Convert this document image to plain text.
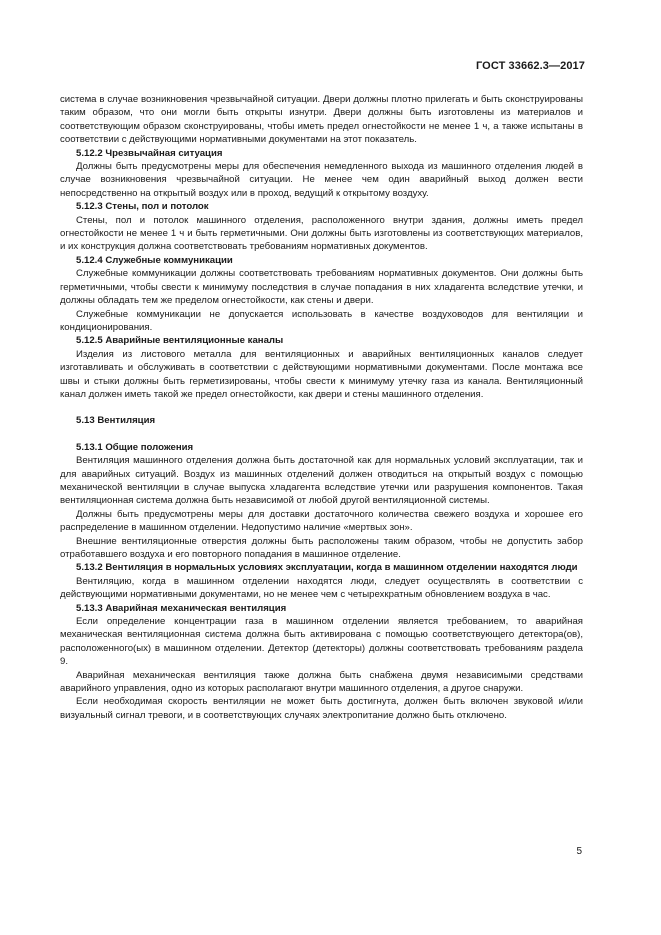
ГОСТ 33662.3—2017

система в случае возникновения чрезвычайной ситуации. Двери должны плотно прилегать и быть сконструированы таким образом, что они могли быть открыты изнутри. Двери должны быть изготовлены из материалов и соответствующим образом сконструированы, чтобы иметь предел огнестойкости не менее 1 ч, а также испытаны в соответствии с действующими нормативными документами на этот показатель.

5.12.2 Чрезвычайная ситуация

Должны быть предусмотрены меры для обеспечения немедленного выхода из машинного отделения людей в случае возникновения чрезвычайной ситуации. Не менее чем один аварийный выход должен вести непосредственно на открытый воздух или в проход, ведущий к открытому воздуху.

5.12.3 Стены, пол и потолок

Стены, пол и потолок машинного отделения, расположенного внутри здания, должны иметь предел огнестойкости не менее 1 ч и быть герметичными. Они должны быть изготовлены из соответствующих материалов, и их конструкция должна соответствовать требованиям нормативных документов.

5.12.4 Служебные коммуникации

Служебные коммуникации должны соответствовать требованиям нормативных документов. Они должны быть герметичными, чтобы свести к минимуму последствия в случае попадания в них хладагента вследствие утечки, и должны обладать тем же пределом огнестойкости, как стены и двери.

Служебные коммуникации не допускается использовать в качестве воздуховодов для вентиляции и кондиционирования.

5.12.5 Аварийные вентиляционные каналы

Изделия из листового металла для вентиляционных и аварийных вентиляционных каналов следует изготавливать и обслуживать в соответствии с действующими нормативными документами. После монтажа все швы и стыки должны быть герметизированы, чтобы свести к минимуму утечку газа из канала. Вентиляционный канал должен иметь такой же предел огнестойкости, как двери и стены машинного отделения.

5.13 Вентиляция

5.13.1 Общие положения

Вентиляция машинного отделения должна быть достаточной как для нормальных условий эксплуатации, так и для аварийных ситуаций. Воздух из машинных отделений должен отводиться на открытый воздух с помощью механической вентиляции в случае выпуска хладагента вследствие утечки или разрушения компонентов. Такая вентиляционная система должна быть независимой от любой другой вентиляционной системы.

Должны быть предусмотрены меры для доставки достаточного количества свежего воздуха и хорошее его распределение в машинном отделении. Недопустимо наличие «мертвых зон».

Внешние вентиляционные отверстия должны быть расположены таким образом, чтобы не допустить забор отработавшего воздуха и его повторного попадания в машинное отделение.

5.13.2 Вентиляция в нормальных условиях эксплуатации, когда в машинном отделении находятся люди

Вентиляцию, когда в машинном отделении находятся люди, следует осуществлять в соответствии с действующими нормативными документами, но не менее чем с четырехкратным обновлением воздуха в час.

5.13.3 Аварийная механическая вентиляция

Если определение концентрации газа в машинном отделении является требованием, то аварийная механическая вентиляционная система должна быть активирована с помощью соответствующего детектора(ов), расположенного(ых) в машинном отделении. Детектор (детекторы) должны соответствовать требованиям раздела 9.

Аварийная механическая вентиляция также должна быть снабжена двумя независимыми средствами аварийного управления, одно из которых располагают внутри машинного отделения, а другое снаружи.

Если необходимая скорость вентиляции не может быть достигнута, должен быть включен звуковой и/или визуальный сигнал тревоги, и в соответствующих случаях электропитание должно быть отключено.

5
